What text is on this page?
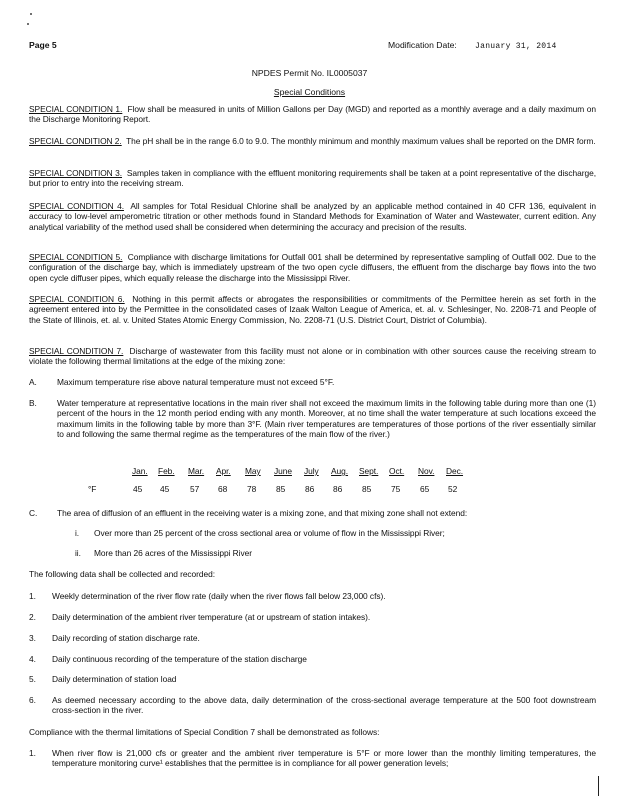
Page 5	Modification Date: January 31, 2014
NPDES Permit No. IL0005037
Special Conditions
SPECIAL CONDITION 1. Flow shall be measured in units of Million Gallons per Day (MGD) and reported as a monthly average and a daily maximum on the Discharge Monitoring Report.
SPECIAL CONDITION 2. The pH shall be in the range 6.0 to 9.0. The monthly minimum and monthly maximum values shall be reported on the DMR form.
SPECIAL CONDITION 3. Samples taken in compliance with the effluent monitoring requirements shall be taken at a point representative of the discharge, but prior to entry into the receiving stream.
SPECIAL CONDITION 4. All samples for Total Residual Chlorine shall be analyzed by an applicable method contained in 40 CFR 136, equivalent in accuracy to low-level amperometric titration or other methods found in Standard Methods for Examination of Water and Wastewater, current edition. Any analytical variability of the method used shall be considered when determining the accuracy and precision of the results.
SPECIAL CONDITION 5. Compliance with discharge limitations for Outfall 001 shall be determined by representative sampling of Outfall 002. Due to the configuration of the discharge bay, which is immediately upstream of the two open cycle diffusers, the effluent from the discharge bay flows into the two open cycle diffuser pipes, which equally release the discharge into the Mississippi River.
SPECIAL CONDITION 6. Nothing in this permit affects or abrogates the responsibilities or commitments of the Permittee herein as set forth in the agreement entered into by the Permittee in the consolidated cases of Izaak Walton League of America, et. al. v. Schlesinger, No. 2208-71 and People of the State of Illinois, et. al. v. United States Atomic Energy Commission, No. 2208-71 (U.S. District Court, District of Columbia).
SPECIAL CONDITION 7. Discharge of wastewater from this facility must not alone or in combination with other sources cause the receiving stream to violate the following thermal limitations at the edge of the mixing zone:
A. Maximum temperature rise above natural temperature must not exceed 5°F.
B. Water temperature at representative locations in the main river shall not exceed the maximum limits in the following table during more than one (1) percent of the hours in the 12 month period ending with any month. Moreover, at no time shall the water temperature at such locations exceed the maximum limits in the following table by more than 3°F. (Main river temperatures are temperatures of those portions of the river essentially similar to and following the same thermal regime as the temperatures of the main flow of the river.)
Jan. Feb. Mar. Apr. May June July Aug. Sept. Oct. Nov. Dec.
°F	45 45 57 68 78 85 86 86 85 75 65 52
C. The area of diffusion of an effluent in the receiving water is a mixing zone, and that mixing zone shall not extend:
i. Over more than 25 percent of the cross sectional area or volume of flow in the Mississippi River;
ii. More than 26 acres of the Mississippi River
The following data shall be collected and recorded:
1. Weekly determination of the river flow rate (daily when the river flows fall below 23,000 cfs).
2. Daily determination of the ambient river temperature (at or upstream of station intakes).
3. Daily recording of station discharge rate.
4. Daily continuous recording of the temperature of the station discharge
5. Daily determination of station load
6. As deemed necessary according to the above data, daily determination of the cross-sectional average temperature at the 500 foot downstream cross-section in the river.
Compliance with the thermal limitations of Special Condition 7 shall be demonstrated as follows:
1. When river flow is 21,000 cfs or greater and the ambient river temperature is 5°F or more lower than the monthly limiting temperatures, the temperature monitoring curve¹ establishes that the permittee is in compliance for all power generation levels;
